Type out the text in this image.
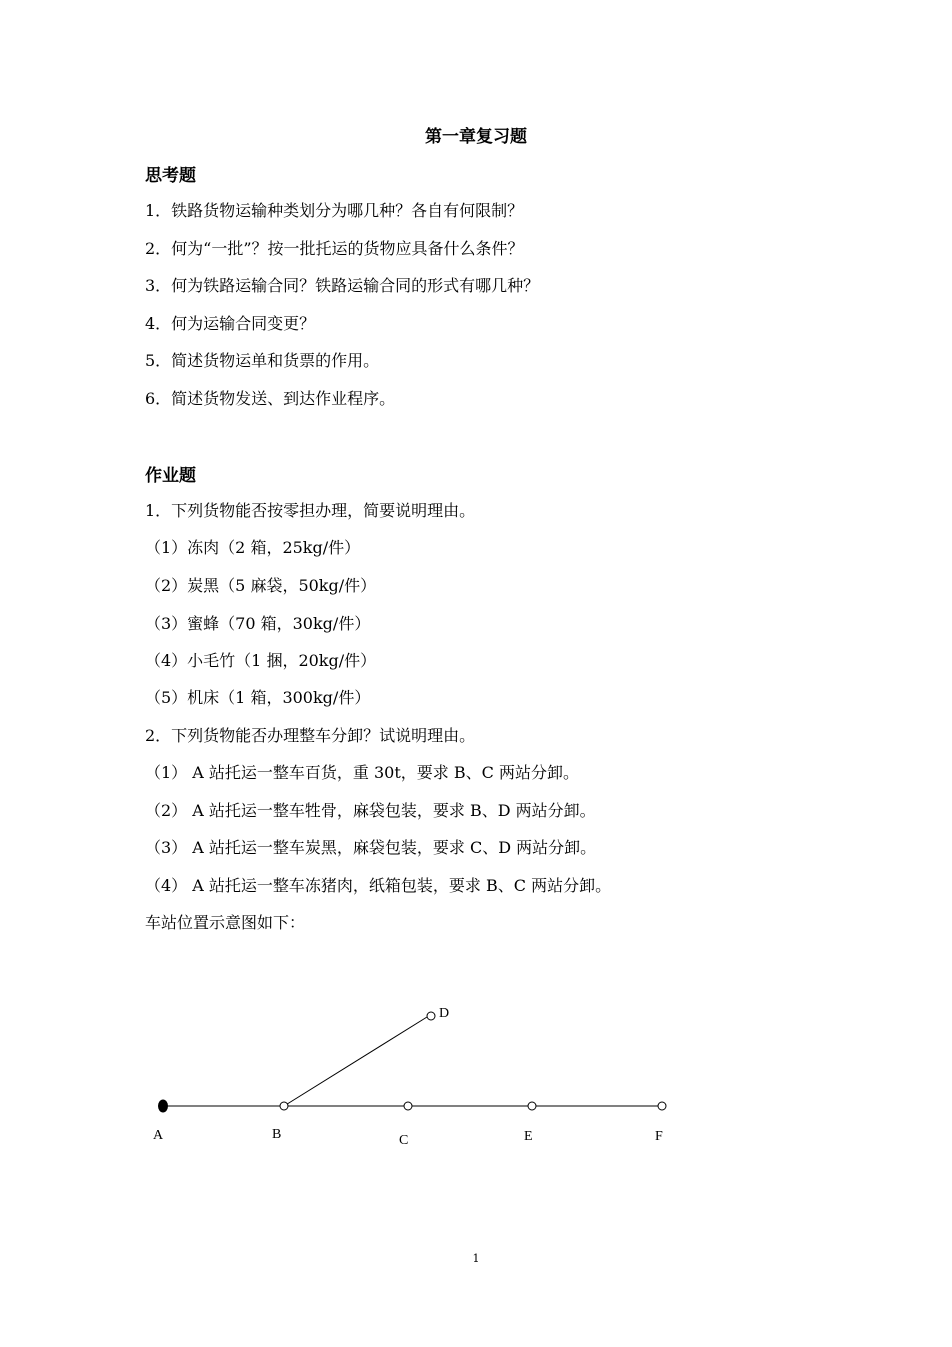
第一章复习题
思考题
1．铁路货物运输种类划分为哪几种？各自有何限制？
2．何为“一批”？按一批托运的货物应具备什么条件？
3．何为铁路运输合同？铁路运输合同的形式有哪几种？
4．何为运输合同变更？
5．简述货物运单和货票的作用。
6．简述货物发送、到达作业程序。
作业题
1．下列货物能否按零担办理，简要说明理由。
（1）冻肉（2 箱，25kg/件）
（2）炭黑（5 麻袋，50kg/件）
（3）蜜蜂（70 箱，30kg/件）
（4）小毛竹（1 捆，20kg/件）
（5）机床（1 箱，300kg/件）
2．下列货物能否办理整车分卸？试说明理由。
（1） A 站托运一整车百货，重 30t，要求 B、C 两站分卸。
（2） A 站托运一整车牲骨，麻袋包装，要求 B、D 两站分卸。
（3） A 站托运一整车炭黑，麻袋包装，要求 C、D 两站分卸。
（4） A 站托运一整车冻猪肉，纸箱包装，要求 B、C 两站分卸。
车站位置示意图如下：
A	B	C
D
E	F
1
